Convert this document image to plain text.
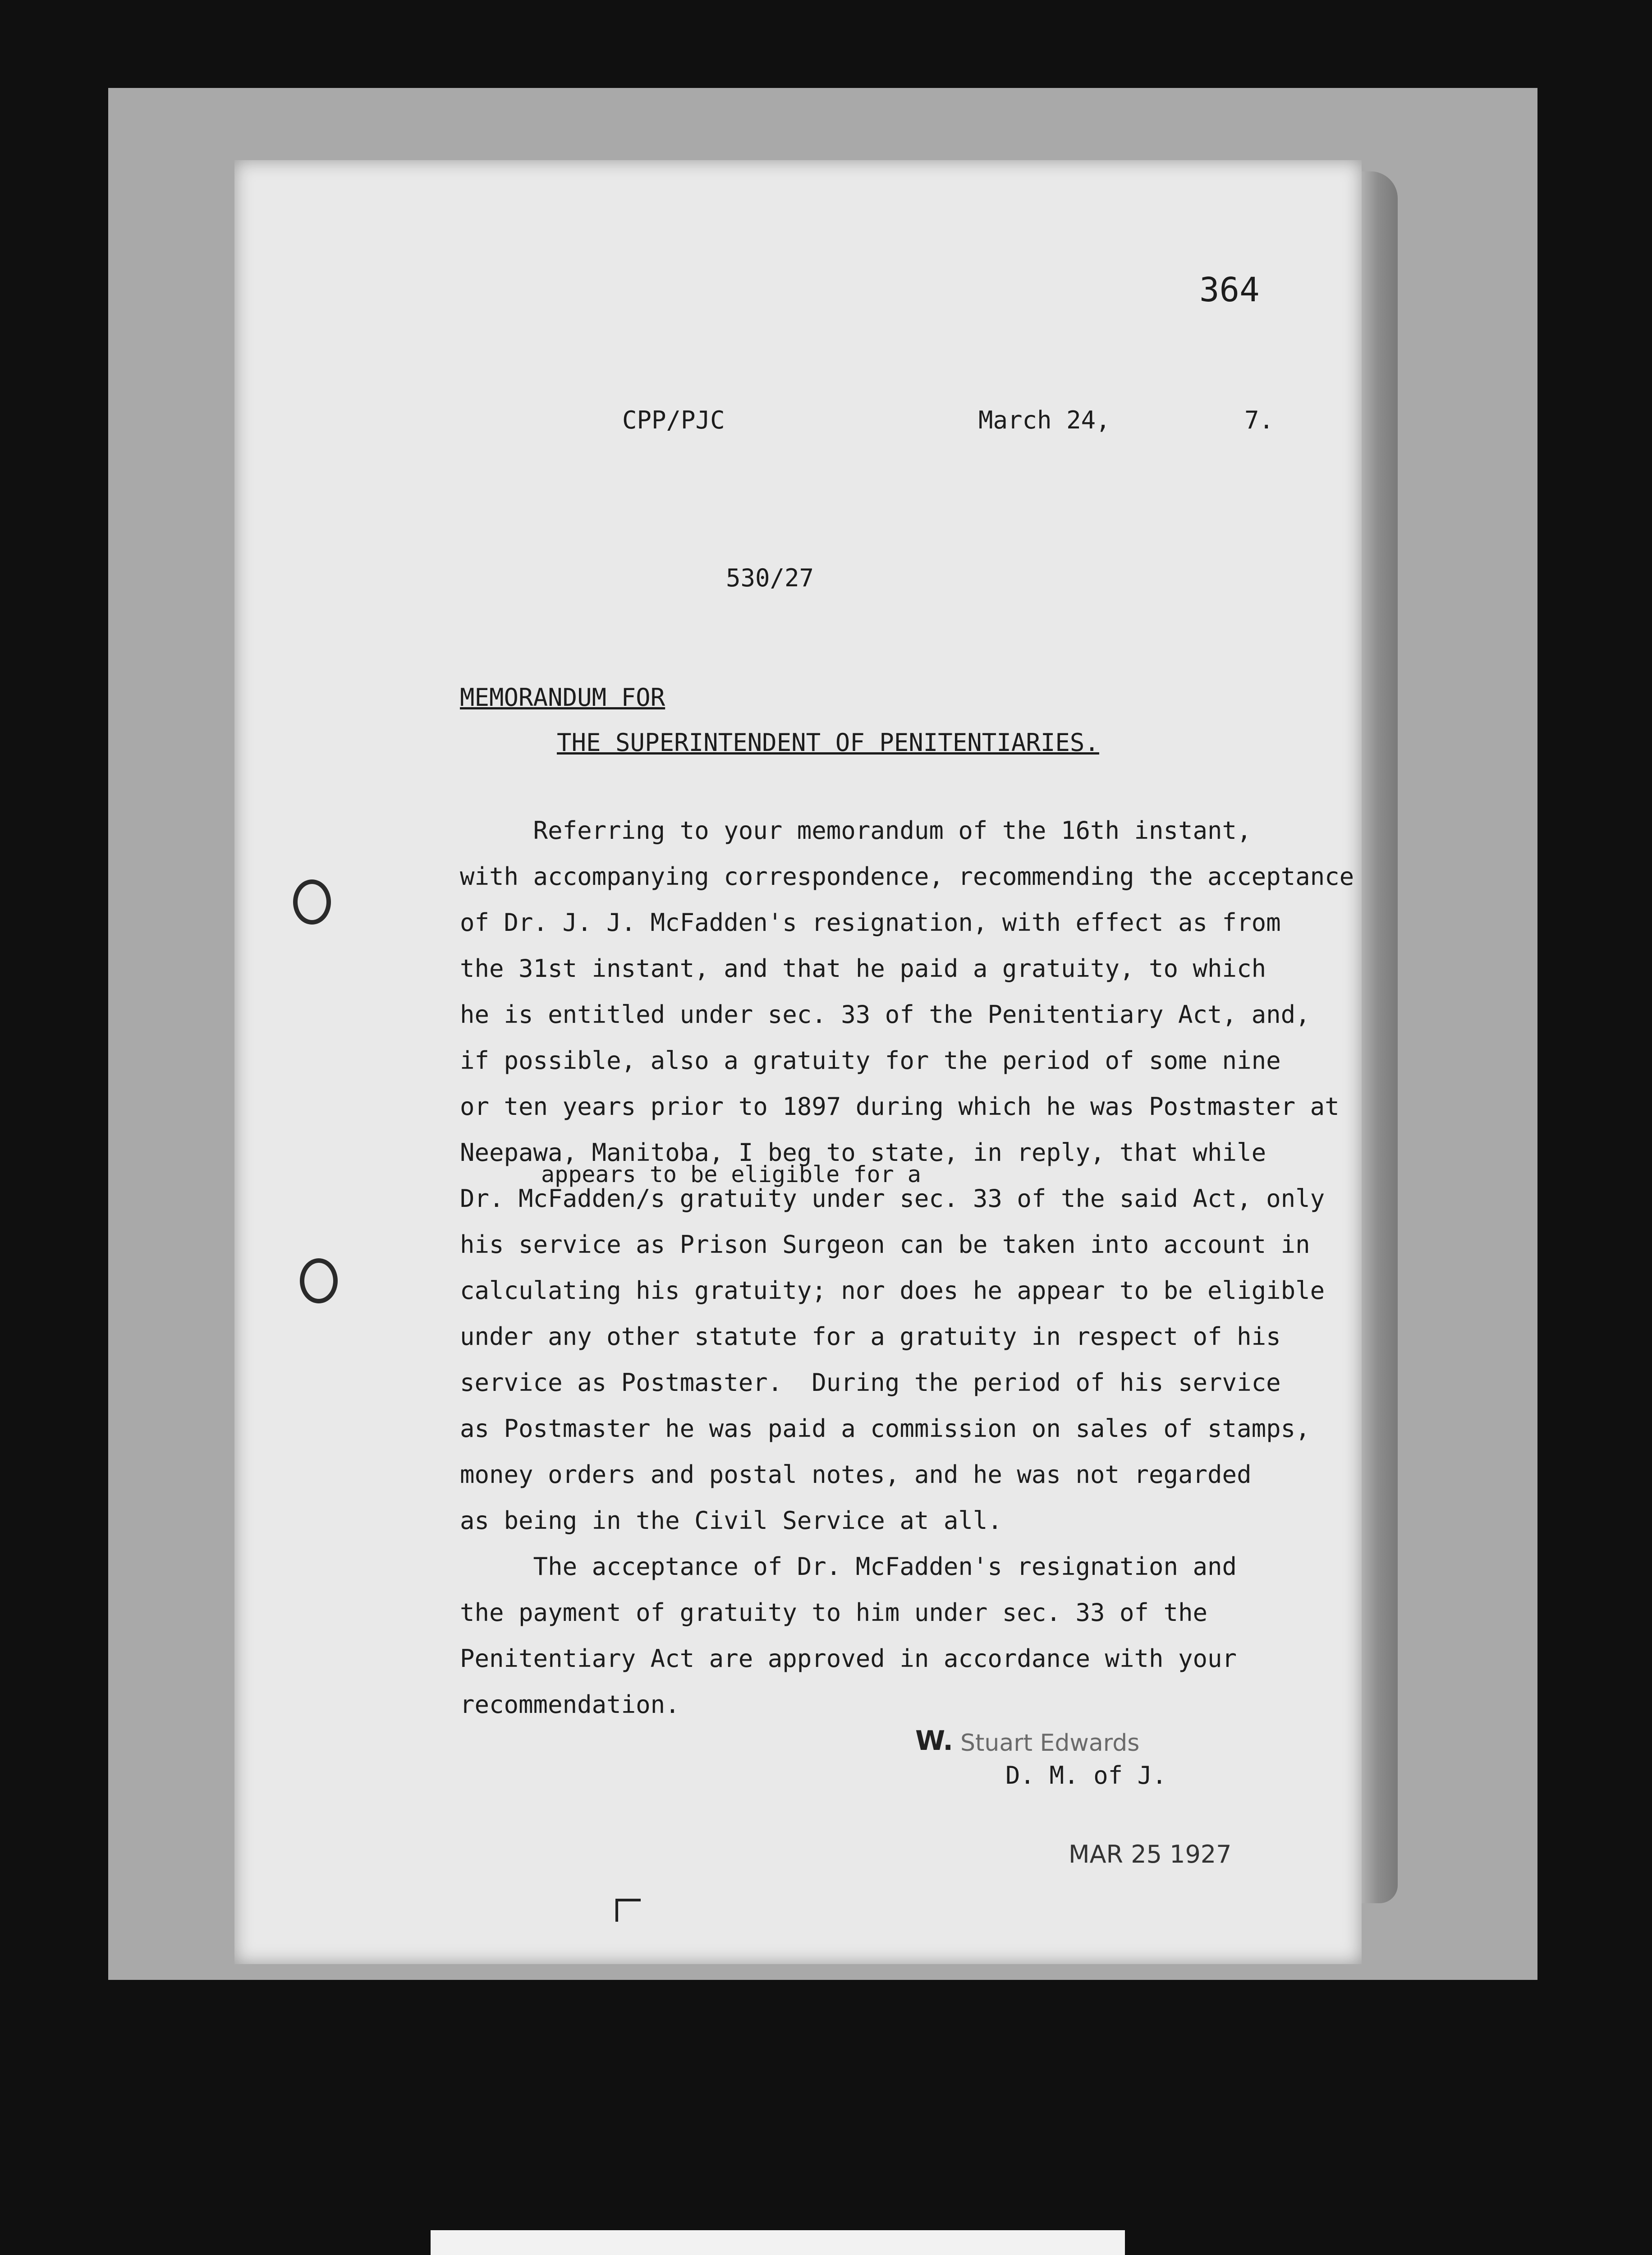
364
CPP/PJC	March 24,	7.
530/27
MEMORANDUM FOR
THE SUPERINTENDENT OF PENITENTIARIES.
Referring to your memorandum of the 16th instant,
with accompanying correspondence, recommending the acceptance
of Dr. J. J. McFadden's resignation, with effect as from
the 31st instant, and that he paid a gratuity, to which
he is entitled under sec. 33 of the Penitentiary Act, and,
if possible, also a gratuity for the period of some nine
or ten years prior to 1897 during which he was Postmaster at
Neepawa, Manitoba, I beg to state, in reply, that while
Dr. McFadden/s gratuity under sec. 33 of the said Act, only
his service as Prison Surgeon can be taken into account in
calculating his gratuity; nor does he appear to be eligible
under any other statute for a gratuity in respect of his
service as Postmaster.  During the period of his service
as Postmaster he was paid a commission on sales of stamps,
money orders and postal notes, and he was not regarded
as being in the Civil Service at all.
The acceptance of Dr. McFadden's resignation and
the payment of gratuity to him under sec. 33 of the
Penitentiary Act are approved in accordance with your
recommendation.
appears to be eligible for a
W. Stuart Edwards
D. M. of J.
MAR 25 1927
